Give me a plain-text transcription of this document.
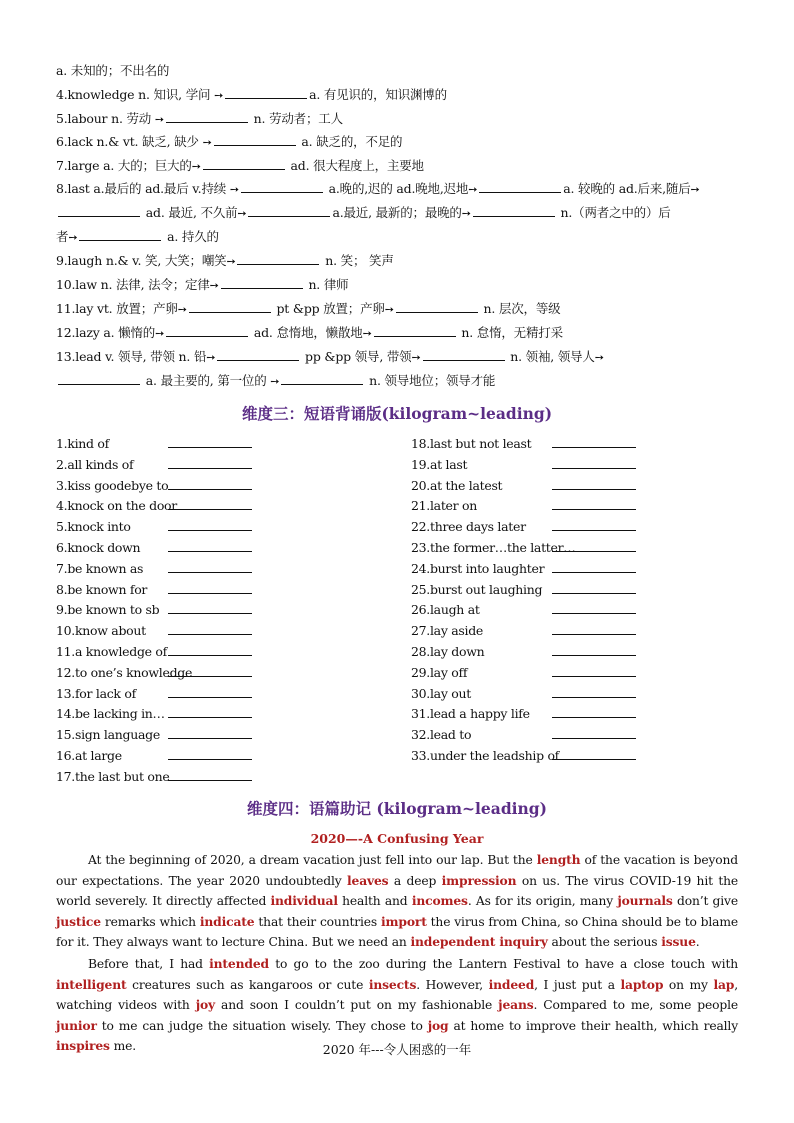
a. 未知的；不出名的
4.knowledge n. 知识, 学问 ➙	a. 有见识的，知识渊博的
5.labour n. 劳动 ➙	n. 劳动者；工人
6.lack n.& vt. 缺乏, 缺少 ➙	a. 缺乏的，不足的
7.large a. 大的；巨大的➙	ad. 很大程度上，主要地
8.last a.最后的 ad.最后 v.持续 ➙	a.晚的,迟的 ad.晚地,迟地➙	a. 较晚的 ad.后来,随后➙
ad. 最近, 不久前➙	a.最近, 最新的；最晚的➙	n.（两者之中的）后
者➙	a. 持久的
9.laugh n.& v. 笑, 大笑；嘲笑➙	n. 笑； 笑声
10.law n. 法律, 法令；定律➙	n. 律师
11.lay vt. 放置；产卵➙	pt &pp 放置；产卵➙	n. 层次，等级
12.lazy a. 懒惰的➙	ad. 怠惰地，懒散地➙	n. 怠惰，无精打采
13.lead v. 领导, 带领 n. 铅➙	pp &pp 领导, 带领➙	n. 领袖, 领导人➙
a. 最主要的, 第一位的 ➙	n. 领导地位；领导才能
维度三：短语背诵版(kilogram~leading)
1.kind of
2.all kinds of
3.kiss goodebye to
4.knock on the door
5.knock into
6.knock down
7.be known as
8.be known for
9.be known to sb
10.know about
11.a knowledge of
12.to one’s knowledge
13.for lack of
14.be lacking in…
15.sign language
16.at large
17.the last but one
18.last but not least
19.at last
20.at the latest
21.later on
22.three days later
23.the former…the latter…
24.burst into laughter
25.burst out laughing
26.laugh at
27.lay aside
28.lay down
29.lay off
30.lay out
31.lead a happy life
32.lead to
33.under the leadship of
维度四：语篇助记 (kilogram~leading)
2020—-A Confusing Year
At the beginning of 2020, a dream vacation just fell into our lap. But the length of the vacation is beyond our expectations. The year 2020 undoubtedly leaves a deep impression on us. The virus COVID-19 hit the world severely. It directly affected individual health and incomes. As for its origin, many journals don’t give justice remarks which indicate that their countries import the virus from China, so China should be to blame for it. They always want to lecture China. But we need an independent inquiry about the serious issue.
Before that, I had intended to go to the zoo during the Lantern Festival to have a close touch with intelligent creatures such as kangaroos or cute insects. However, indeed, I just put a laptop on my lap, watching videos with joy and soon I couldn’t put on my fashionable jeans. Compared to me, some people junior to me can judge the situation wisely. They chose to jog at home to improve their health, which really inspires me.	2020 年---令人困惑的一年
